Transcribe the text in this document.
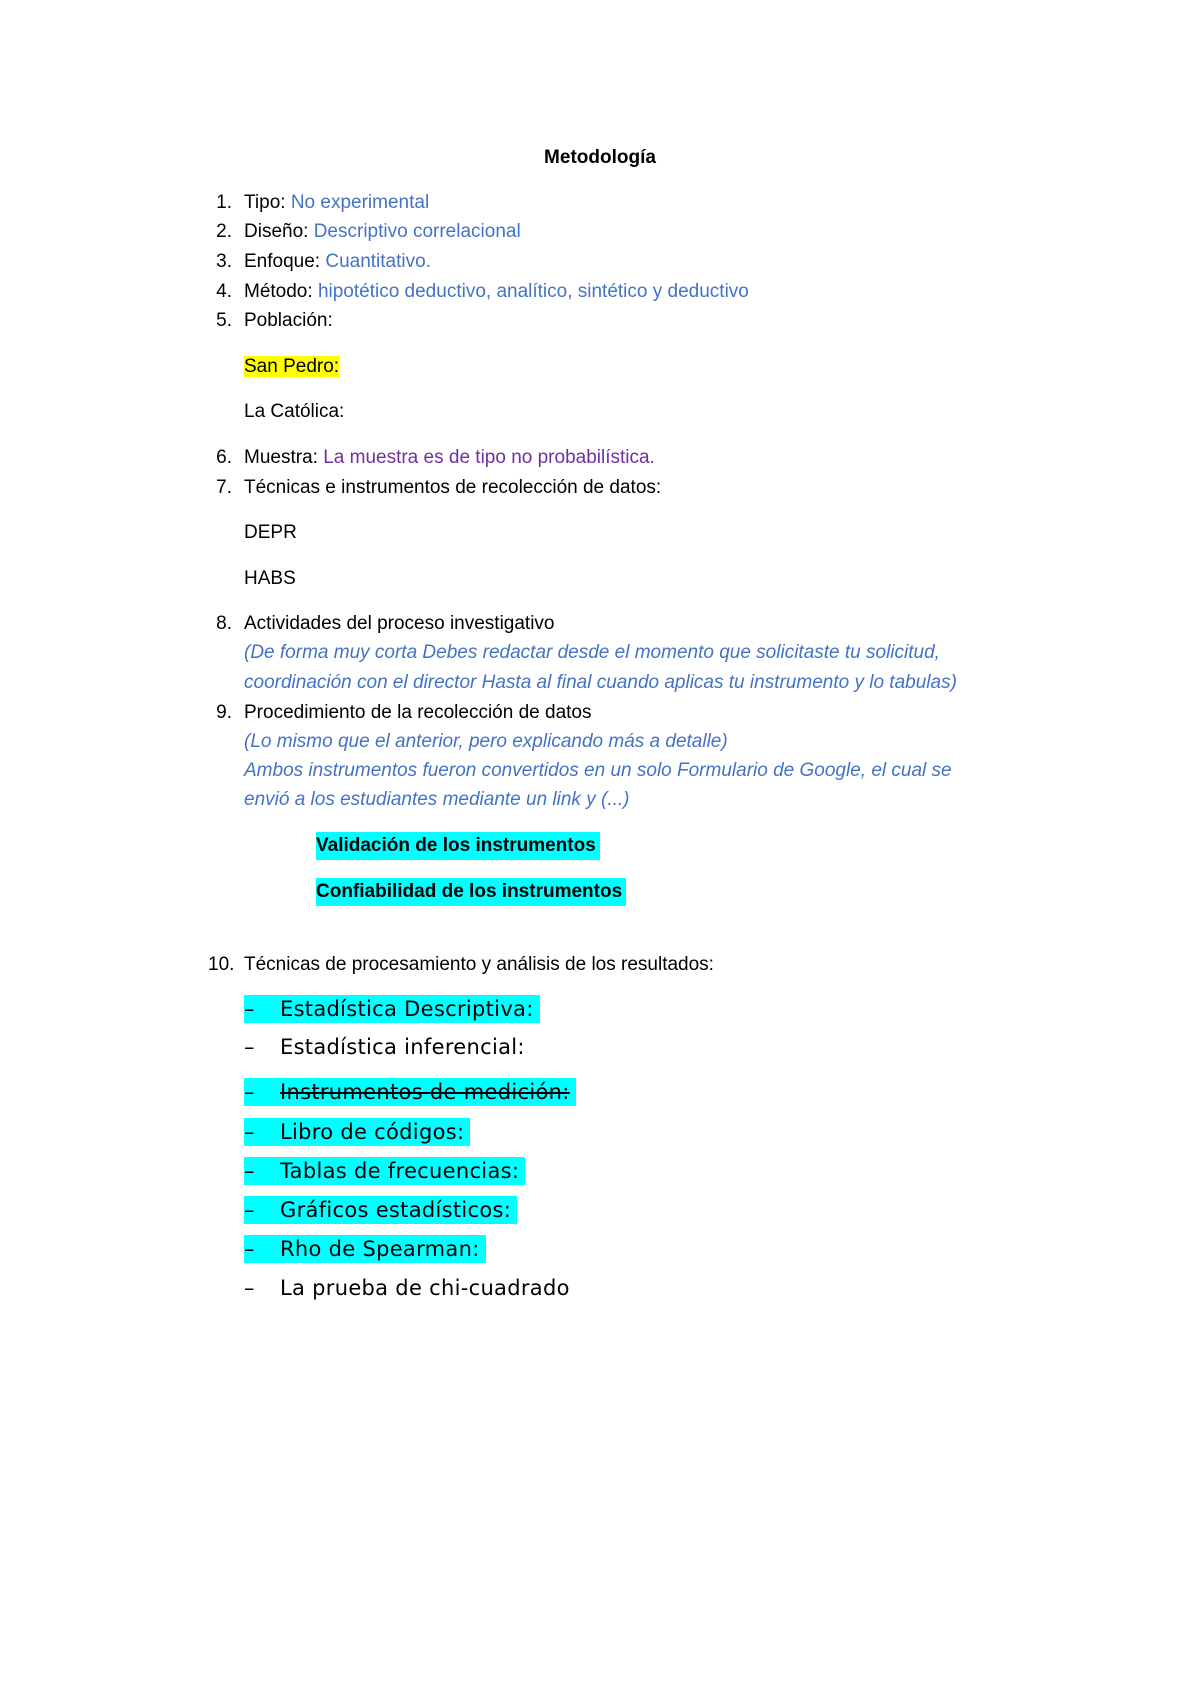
Metodología
1. Tipo: No experimental
2. Diseño: Descriptivo correlacional
3. Enfoque: Cuantitativo.
4. Método: hipotético deductivo, analítico, sintético y deductivo
5. Población:
San Pedro:
La Católica:
6. Muestra: La muestra es de tipo no probabilística.
7. Técnicas e instrumentos de recolección de datos:
DEPR
HABS
8. Actividades del proceso investigativo
(De forma muy corta Debes redactar desde el momento que solicitaste tu solicitud,
coordinación con el director Hasta al final cuando aplicas tu instrumento y lo tabulas)
9. Procedimiento de la recolección de datos
(Lo mismo que el anterior, pero explicando más a detalle)
Ambos instrumentos fueron convertidos en un solo Formulario de Google, el cual se
envió a los estudiantes mediante un link y (...)
Validación de los instrumentos
Confiabilidad de los instrumentos
10. Técnicas de procesamiento y análisis de los resultados:
– Estadística Descriptiva:
– Estadística inferencial:
– Instrumentos de medición:
– Libro de códigos:
– Tablas de frecuencias:
– Gráficos estadísticos:
– Rho de Spearman:
– La prueba de chi-cuadrado
